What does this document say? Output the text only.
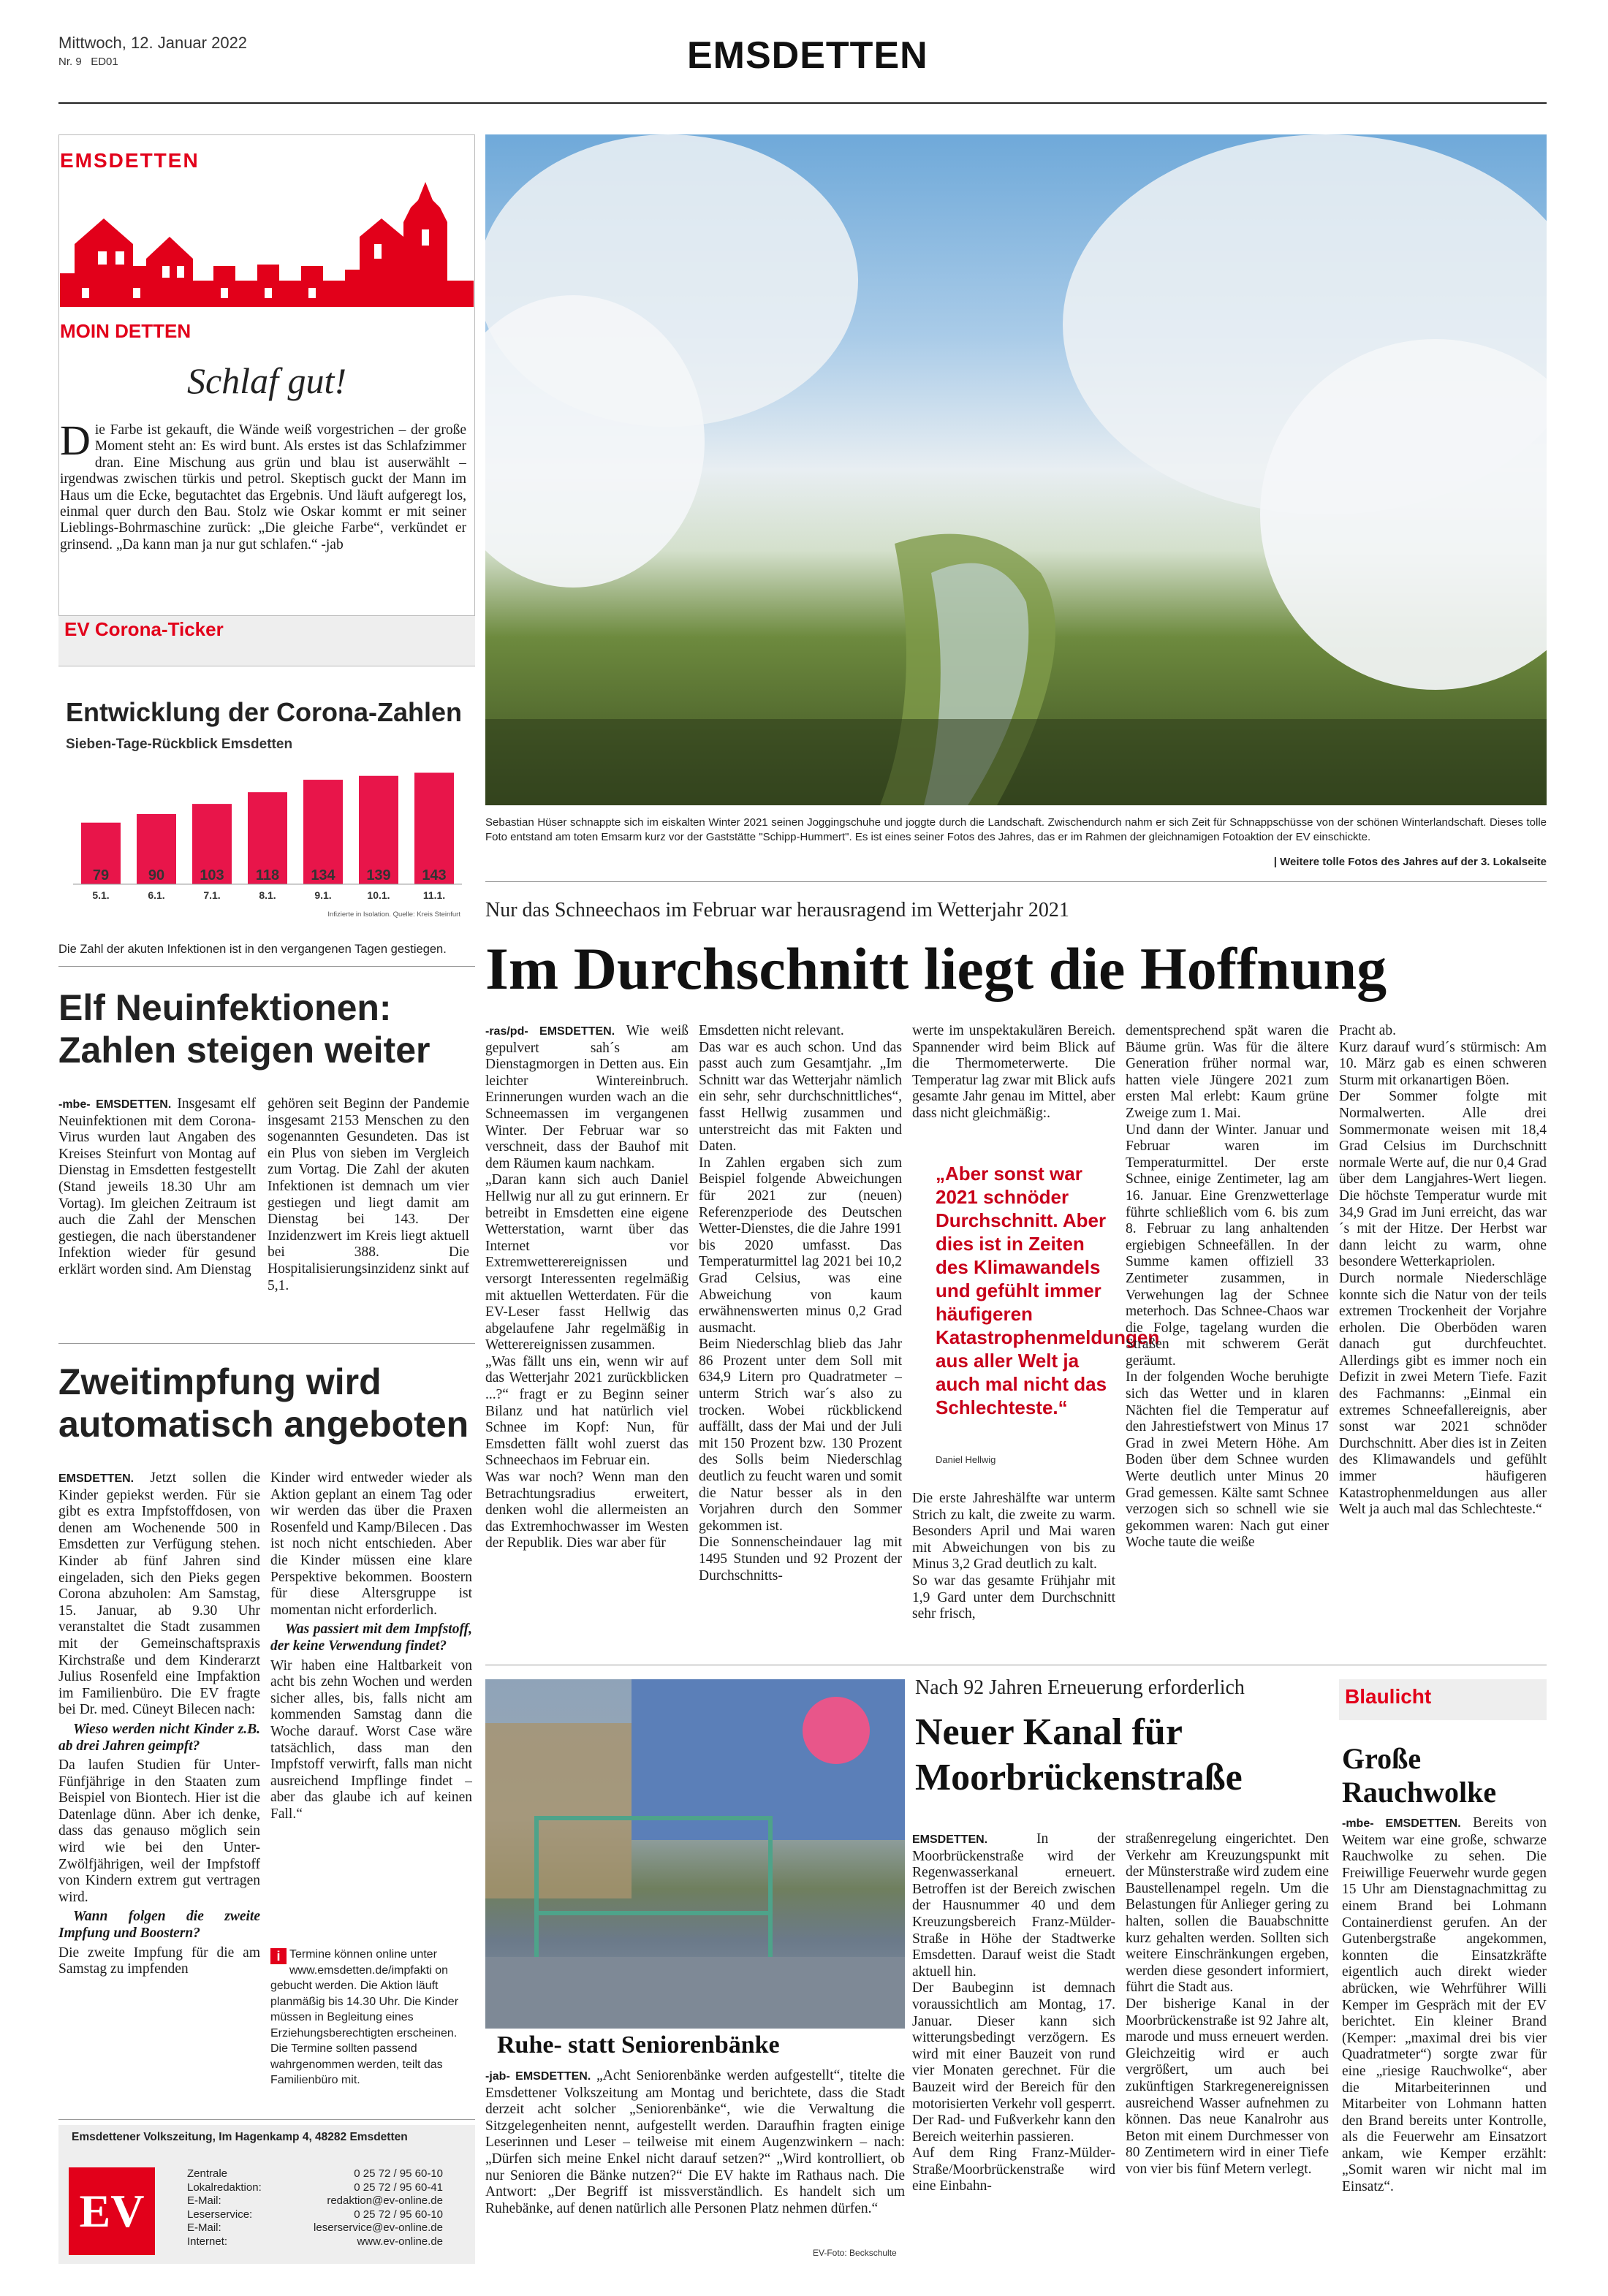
Mittwoch, 12. Januar 2022
Nr. 9 ED01	EMSDETTEN
EMSDETTEN
MOIN DETTEN
Schlaf gut!
Die Farbe ist gekauft, die Wände weiß vorgestrichen – der große Moment steht an: Es wird bunt. Als erstes ist das Schlafzimmer dran. Eine Mischung aus grün und blau ist auserwählt – irgendwas zwischen türkis und petrol. Skeptisch guckt der Mann im Haus um die Ecke, begutachtet das Ergebnis. Und läuft aufgeregt los, einmal quer durch den Bau. Stolz wie Oskar kommt er mit seiner Lieblings-Bohrmaschine zurück: „Die gleiche Farbe“, verkündet er grinsend. „Da kann man ja nur gut schlafen.“ -jab
EV Corona-Ticker
Entwicklung der Corona-Zahlen
Sieben-Tage-Rückblick Emsdetten
79
5.1.
90
6.1.
103
7.1.
118
8.1.
134
9.1.
139
10.1.
143
11.1.
Infizierte in Isolation. Quelle: Kreis Steinfurt
Die Zahl der akuten Infektionen ist in den vergangenen Tagen gestiegen.
Elf Neuinfektionen: Zahlen steigen weiter
-mbe- EMSDETTEN. Insgesamt elf Neuinfektionen mit dem Corona-Virus wurden laut Angaben des Kreises Steinfurt von Montag auf Dienstag in Emsdetten festgestellt (Stand jeweils 18.30 Uhr am Vortag). Im gleichen Zeitraum ist auch die Zahl der Menschen gestiegen, die nach überstandener Infektion wieder für gesund erklärt worden sind. Am Dienstag
gehören seit Beginn der Pandemie insgesamt 2153 Menschen zu den sogenannten Gesundeten. Das ist ein Plus von sieben im Vergleich zum Vortag. Die Zahl der akuten Infektionen ist demnach um vier gestiegen und liegt damit am Dienstag bei 143. Der Inzidenzwert im Kreis liegt aktuell bei 388. Die Hospitalisierungsinzidenz sinkt auf 5,1.
Zweitimpfung wird automatisch angeboten

EMSDETTEN. Jetzt sollen die Kinder gepiekst werden. Für sie gibt es extra Impfstoffdosen, von denen am Wochenende 500 in Emsdetten zur Verfügung stehen. Kinder ab fünf Jahren sind eingeladen, sich den Pieks gegen Corona abzuholen: Am Samstag, 15. Januar, ab 9.30 Uhr veranstaltet die Stadt zusammen mit der Gemeinschaftspraxis Kirchstraße und dem Kinderarzt Julius Rosenfeld eine Impfaktion im Familienbüro. Die EV fragte bei Dr. med. Cüneyt Bilecen nach:

Wieso werden nicht Kinder z.B. ab drei Jahren geimpft?

Da laufen Studien für Unter-Fünfjährige in den Staaten zum Beispiel von Biontech. Hier ist die Datenlage dünn. Aber ich denke, dass das genauso möglich sein wird wie bei den Unter-Zwölfjährigen, weil der Impfstoff von Kindern extrem gut vertragen wird.

Wann folgen die zweite Impfung und Boostern?

Die zweite Impfung für die am Samstag zu impfenden

Kinder wird entweder wieder als Aktion geplant an einem Tag oder wir werden das über die Praxen Rosenfeld und Kamp/Bilecen . Das ist noch nicht entschieden. Aber die Kinder müssen eine klare Perspektive bekommen. Boostern für diese Altersgruppe ist momentan nicht erforderlich.

Was passiert mit dem Impfstoff, der keine Verwendung findet?

Wir haben eine Haltbarkeit von acht bis zehn Wochen und werden sicher alles, bis, falls nicht am kommenden Samstag dann die Woche darauf. Worst Case wäre tatsächlich, dass man den Impfstoff verwirft, falls man nicht ausreichend Impflinge findet – aber das glaube ich auf keinen Fall.“

i Termine können online unter www.emsdetten.de/impfakti on gebucht werden. Die Aktion läuft planmäßig bis 14.30 Uhr. Die Kinder müssen in Begleitung eines Erziehungsberechtigten erscheinen. Die Termine sollten passend wahrgenommen werden, teilt das Familienbüro mit.
Emsdettener Volkszeitung, Im Hagenkamp 4, 48282 Emsdetten
EV
Zentrale	0 25 72 / 95 60-10
Lokalredaktion:	0 25 72 / 95 60-41
E-Mail:	redaktion@ev-online.de
Leserservice:	0 25 72 / 95 60-10
E-Mail:	leserservice@ev-online.de
Internet:	www.ev-online.de
Sebastian Hüser schnappte sich im eiskalten Winter 2021 seinen Joggingschuhe und joggte durch die Landschaft. Zwischendurch nahm er sich Zeit für Schnappschüsse von der schönen Winterlandschaft. Dieses tolle Foto entstand am toten Emsarm kurz vor der Gaststätte "Schipp-Hummert". Es ist eines seiner Fotos des Jahres, das er im Rahmen der gleichnamigen Fotoaktion der EV einschickte.
| Weitere tolle Fotos des Jahres auf der 3. Lokalseite
Nur das Schneechaos im Februar war herausragend im Wetterjahr 2021
Im Durchschnitt liegt die Hoffnung
-ras/pd- EMSDETTEN. Wie weiß gepulvert sah´s am Dienstagmorgen in Detten aus. Ein leichter Wintereinbruch. Erinnerungen wurden wach an die Schneemassen im vergangenen Winter. Der Februar war so verschneit, dass der Bauhof mit dem Räumen kaum nachkam.
„Daran kann sich auch Daniel Hellwig nur all zu gut erinnern. Er betreibt in Emsdetten eine eigene Wetterstation, warnt über das Internet vor Extremwetterereignissen und versorgt Interessenten regelmäßig mit aktuellen Wetterdaten. Für die EV-Leser fasst Hellwig das abgelaufene Jahr regelmäßig in Wetterereignissen zusammen.
„Was fällt uns ein, wenn wir auf das Wetterjahr 2021 zurückblicken ...?“ fragt er zu Beginn seiner Bilanz und hat natürlich viel Schnee im Kopf: Nun, für Emsdetten fällt wohl zuerst das Schneechaos im Februar ein.
Was war noch? Wenn man den Betrachtungsradius erweitert, denken wohl die allermeisten an das Extremhochwasser im Westen der Republik. Dies war aber für
Emsdetten nicht relevant.
Das war es auch schon. Und das passt auch zum Gesamtjahr. „Im Schnitt war das Wetterjahr nämlich ein sehr, sehr durchschnittliches“, fasst Hellwig zusammen und unterstreicht das mit Fakten und Daten.
In Zahlen ergaben sich zum Beispiel folgende Abweichungen für 2021 zur (neuen) Referenzperiode des Deutschen Wetter-Dienstes, die die Jahre 1991 bis 2020 umfasst. Das Temperaturmittel lag 2021 bei 10,2 Grad Celsius, was eine Abweichung von kaum erwähnenswerten minus 0,2 Grad ausmacht.
Beim Niederschlag blieb das Jahr 86 Prozent unter dem Soll mit 634,9 Litern pro Quadratmeter – unterm Strich war´s also zu trocken. Wobei rückblickend auffällt, dass der Mai und der Juli mit 150 Prozent bzw. 130 Prozent des Solls beim Niederschlag deutlich zu feucht waren und somit die Natur besser als in den Vorjahren durch den Sommer gekommen ist.
Die Sonnenscheindauer lag mit 1495 Stunden und 92 Prozent der Durchschnitts-
werte im unspektakulären Bereich. Spannender wird beim Blick auf die Thermometerwerte. Die Temperatur lag zwar mit Blick aufs gesamte Jahr genau im Mittel, aber dass nicht gleichmäßig:.
„Aber sonst war 2021 schnöder Durchschnitt. Aber dies ist in Zeiten des Klimawandels und gefühlt immer häufigeren Katastrophenmeldungen aus aller Welt ja auch mal nicht das Schlechteste.“
Daniel Hellwig
Die erste Jahreshälfte war unterm Strich zu kalt, die zweite zu warm. Besonders April und Mai waren mit Abweichungen von bis zu Minus 3,2 Grad deutlich zu kalt.
So war das gesamte Frühjahr mit 1,9 Gard unter dem Durchschnitt sehr frisch,
dementsprechend spät waren die Bäume grün. Was für die ältere Generation früher normal war, hatten viele Jüngere 2021 zum ersten Mal erlebt: Kaum grüne Zweige zum 1. Mai.
Und dann der Winter. Januar und Februar waren im Temperaturmittel. Der erste Schnee, einige Zentimeter, lag am 16. Januar. Eine Grenzwetterlage führte schließlich vom 6. bis zum 8. Februar zu lang anhaltenden ergiebigen Schneefällen. In der Summe kamen offiziell 33 Zentimeter zusammen, in Verwehungen lag der Schnee meterhoch. Das Schnee-Chaos war die Folge, tagelang wurden die Straßen mit schwerem Gerät geräumt.
In der folgenden Woche beruhigte sich das Wetter und in klaren Nächten fiel die Temperatur auf den Jahrestiefstwert von Minus 17 Grad in zwei Metern Höhe. Am Boden über dem Schnee wurden Werte deutlich unter Minus 20 Grad gemessen. Kälte samt Schnee verzogen sich so schnell wie sie gekommen waren: Nach gut einer Woche taute die weiße
Pracht ab.
Kurz darauf wurd´s stürmisch: Am 10. März gab es einen schweren Sturm mit orkanartigen Böen.
Der Sommer folgte mit Normalwerten. Alle drei Sommermonate weisen mit 18,4 Grad Celsius im Durchschnitt normale Werte auf, die nur 0,4 Grad über dem Langjahres-Wert liegen. Die höchste Temperatur wurde mit 34,9 Grad im Juni erreicht, das war´s mit der Hitze. Der Herbst war dann leicht zu warm, ohne besondere Wetterkapriolen.
Durch normale Niederschläge konnte sich die Natur von der teils extremen Trockenheit der Vorjahre erholen. Die Oberböden waren danach gut durchfeuchtet. Allerdings gibt es immer noch ein Defizit in zwei Metern Tiefe. Fazit des Fachmanns: „Einmal ein extremes Schneefallereignis, aber sonst war 2021 schnöder Durchschnitt. Aber dies ist in Zeiten des Klimawandels und gefühlt immer häufigeren Katastrophenmeldungen aus aller Welt ja auch mal das Schlechteste.“
Ruhe- statt Seniorenbänke
-jab- EMSDETTEN. „Acht Seniorenbänke werden aufgestellt“, titelte die Emsdettener Volkszeitung am Montag und berichtete, dass die Stadt derzeit acht solcher „Seniorenbänke“, wie die Verwaltung die Sitzgelegenheiten nennt, aufgestellt werden. Daraufhin fragten einige Leserinnen und Leser – teilweise mit einem Augenzwinkern – nach: „Dürfen sich meine Enkel nicht darauf setzen?“ „Wird kontrolliert, ob nur Senioren die Bänke nutzen?“ Die EV hakte im Rathaus nach. Die Antwort: „Der Begriff ist missverständlich. Es handelt sich um Ruhebänke, auf denen natürlich alle Personen Platz nehmen dürfen.“
EV-Foto: Beckschulte
Nach 92 Jahren Erneuerung erforderlich
Neuer Kanal für Moorbrückenstraße
EMSDETTEN.	In der Moorbrückenstraße wird der Regenwasserkanal erneuert. Betroffen ist der Bereich zwischen der Hausnummer 40 und dem Kreuzungsbereich Franz-Mülder-Straße in Höhe der Stadtwerke Emsdetten. Darauf weist die Stadt aktuell hin.
Der Baubeginn ist demnach voraussichtlich am Montag, 17. Januar. Dieser kann sich witterungsbedingt verzögern. Es wird mit einer Bauzeit von rund vier Monaten gerechnet. Für die Bauzeit wird der Bereich für den motorisierten Verkehr voll gesperrt. Der Rad- und Fußverkehr kann den Bereich weiterhin passieren.
Auf dem Ring Franz-Mülder-Straße/Moorbrückenstraße wird eine Einbahn-
straßenregelung eingerichtet. Den Verkehr am Kreuzungspunkt mit der Münsterstraße wird zudem eine Baustellenampel regeln. Um die Belastungen für Anlieger gering zu halten, sollen die Bauabschnitte kurz gehalten werden. Sollten sich weitere Einschränkungen ergeben, werden diese gesondert informiert, führt die Stadt aus.
Der bisherige Kanal in der Moorbrückenstraße ist 92 Jahre alt, marode und muss erneuert werden. Gleichzeitig wird er auch vergrößert, um auch bei zukünftigen Starkregenereignissen ausreichend Wasser aufnehmen zu können. Das neue Kanalrohr aus Beton mit einem Durchmesser von 80 Zentimetern wird in einer Tiefe von vier bis fünf Metern verlegt.
Blaulicht
Große Rauchwolke
-mbe- EMSDETTEN. Bereits von Weitem war eine große, schwarze Rauchwolke zu sehen. Die Freiwillige Feuerwehr wurde gegen 15 Uhr am Dienstagnachmittag zu einem Brand bei Lohmann Containerdienst gerufen. An der Gutenbergstraße angekommen, konnten die Einsatzkräfte eigentlich auch direkt wieder abrücken, wie Wehrführer Willi Kemper im Gespräch mit der EV berichtet. Ein kleiner Brand (Kemper: „maximal drei bis vier Quadratmeter“) sorgte zwar für eine „riesige Rauchwolke“, aber die Mitarbeiterinnen und Mitarbeiter von Lohmann hatten den Brand bereits unter Kontrolle, als die Feuerwehr am Einsatzort ankam, wie Kemper erzählt: „Somit waren wir nicht mal im Einsatz“.
